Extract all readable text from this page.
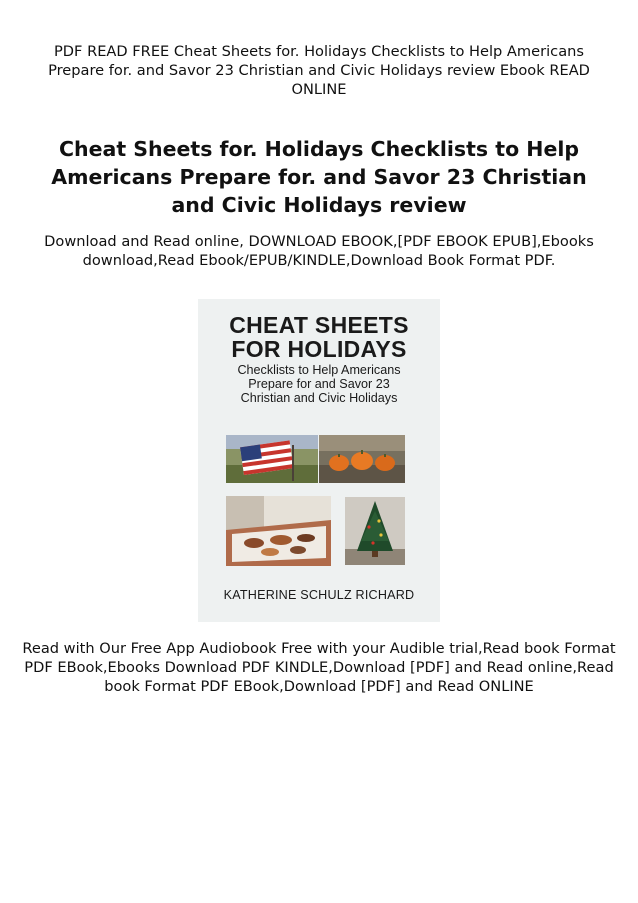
PDF READ FREE Cheat Sheets for. Holidays Checklists to Help Americans Prepare for. and Savor 23 Christian and Civic Holidays review Ebook READ ONLINE
Cheat Sheets for. Holidays Checklists to Help Americans Prepare for. and Savor 23 Christian and Civic Holidays review
Download and Read online, DOWNLOAD EBOOK,[PDF EBOOK EPUB],Ebooks download,Read Ebook/EPUB/KINDLE,Download Book Format PDF.
CHEAT SHEETS
FOR HOLIDAYS
Checklists to Help Americans
Prepare for and Savor 23
Christian and Civic Holidays
KATHERINE SCHULZ RICHARD
Read with Our Free App Audiobook Free with your Audible trial,Read book Format PDF EBook,Ebooks Download PDF KINDLE,Download [PDF] and Read online,Read book Format PDF EBook,Download [PDF] and Read ONLINE
